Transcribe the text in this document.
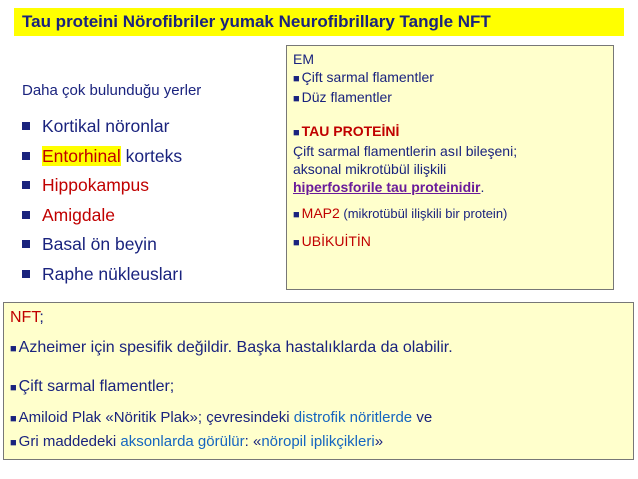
Tau proteini Nörofibriler yumak Neurofibrillary Tangle NFT
Daha çok bulunduğu yerler
Kortikal nöronlar
Entorhinal korteks
Hippokampus
Amigdale
Basal ön beyin
Raphe nükleusları
EM
■ Çift sarmal flamentler
■ Düz flamentler
■ TAU PROTEİNİ
Çift sarmal flamentlerin asıl bileşeni;
aksonal mikrotübül ilişkili
hiperfosforile tau proteinidir.
■ MAP2 (mikrotübül ilişkili bir protein)
■ UBİKUİTİN
NFT;
■ Azheimer için spesifik değildir. Başka hastalıklarda da olabilir.
■ Çift sarmal flamentler;
■ Amiloid Plak «Nöritik Plak»; çevresindeki distrofik nöritlerde ve
■ Gri maddedeki aksonlarda görülür: «nöropil iplikçikleri»
